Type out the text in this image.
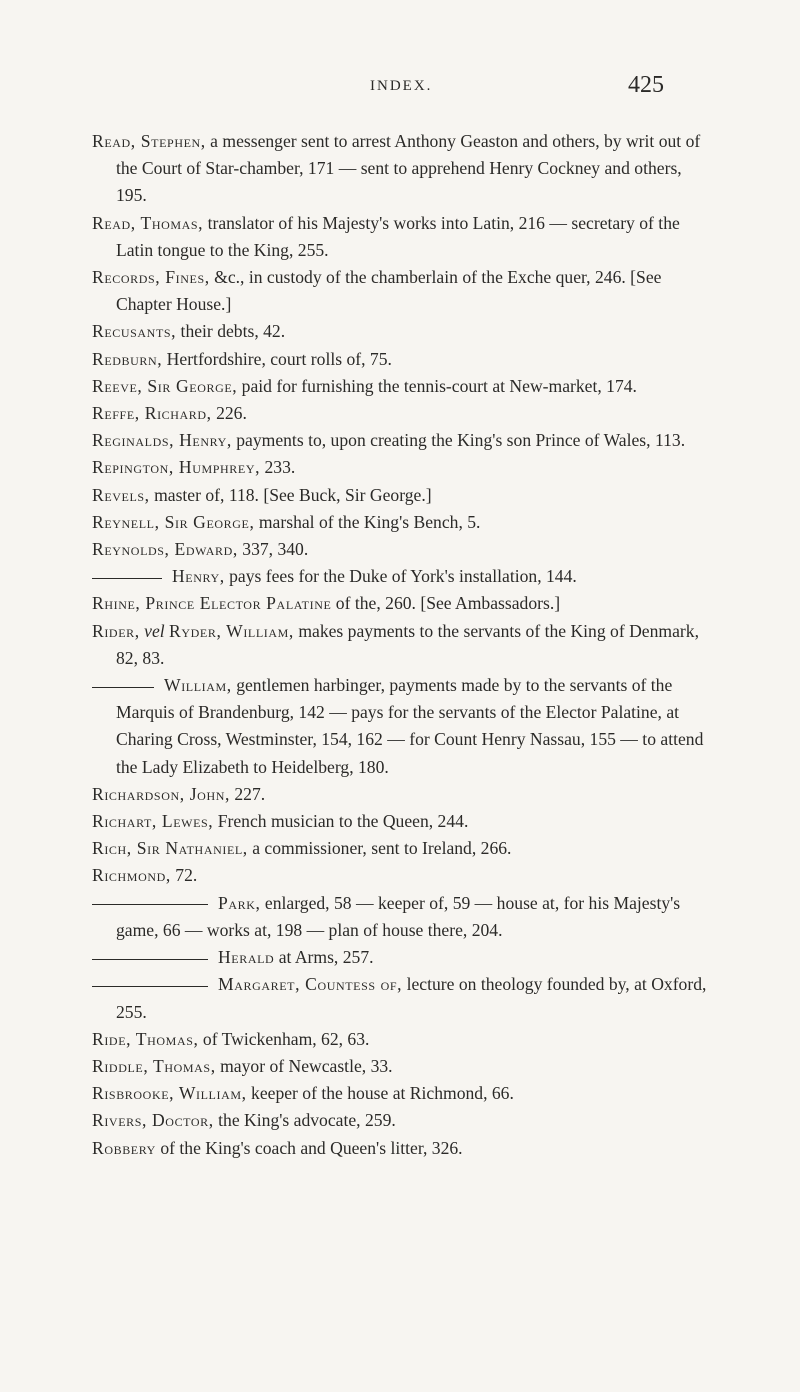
INDEX.	425

Read, Stephen, a messenger sent to arrest Anthony Geaston and others, by writ out of the Court of Star-chamber, 171 — sent to apprehend Henry Cockney and others, 195.

Read, Thomas, translator of his Majesty's works into Latin, 216 — secretary of the Latin tongue to the King, 255.

Records, Fines, &c., in custody of the chamberlain of the Exche quer, 246. [See Chapter House.]

Recusants, their debts, 42.

Redburn, Hertfordshire, court rolls of, 75.

Reeve, Sir George, paid for furnishing the tennis-court at New-market, 174.

Reffe, Richard, 226.

Reginalds, Henry, payments to, upon creating the King's son Prince of Wales, 113.

Repington, Humphrey, 233.

Revels, master of, 118. [See Buck, Sir George.]

Reynell, Sir George, marshal of the King's Bench, 5.

Reynolds, Edward, 337, 340.

Henry, pays fees for the Duke of York's installation, 144.

Rhine, Prince Elector Palatine of the, 260. [See Ambassadors.]

Rider, vel Ryder, William, makes payments to the servants of the King of Denmark, 82, 83.

William, gentlemen harbinger, payments made by to the servants of the Marquis of Brandenburg, 142 — pays for the servants of the Elector Palatine, at Charing Cross, Westminster, 154, 162 — for Count Henry Nassau, 155 — to attend the Lady Elizabeth to Heidelberg, 180.

Richardson, John, 227.

Richart, Lewes, French musician to the Queen, 244.

Rich, Sir Nathaniel, a commissioner, sent to Ireland, 266.

Richmond, 72.

Park, enlarged, 58 — keeper of, 59 — house at, for his Majesty's game, 66 — works at, 198 — plan of house there, 204.

Herald at Arms, 257.

Margaret, Countess of, lecture on theology founded by, at Oxford, 255.

Ride, Thomas, of Twickenham, 62, 63.

Riddle, Thomas, mayor of Newcastle, 33.

Risbrooke, William, keeper of the house at Richmond, 66.

Rivers, Doctor, the King's advocate, 259.

Robbery of the King's coach and Queen's litter, 326.
